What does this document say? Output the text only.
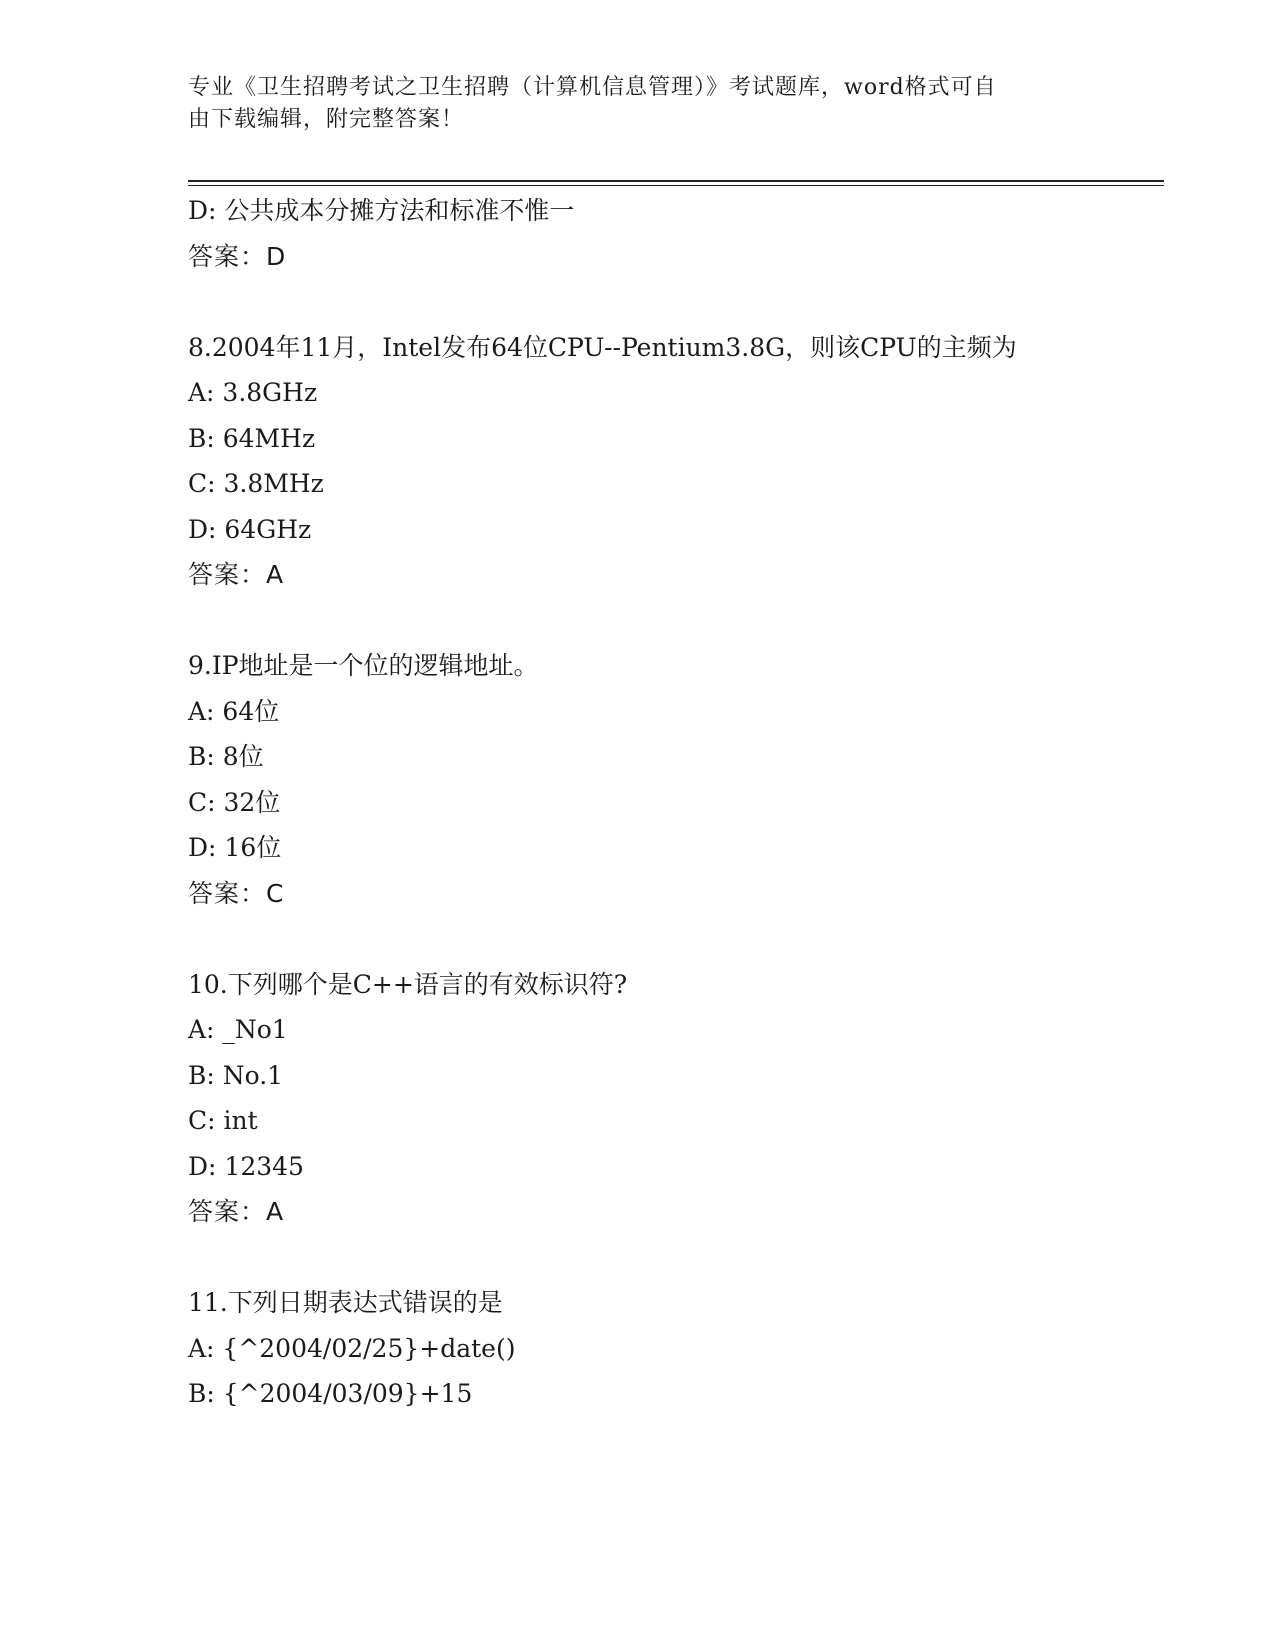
专业《卫生招聘考试之卫生招聘（计算机信息管理）》考试题库，word格式可自
由下载编辑，附完整答案！
D: 公共成本分摊方法和标准不惟一
答案：D
8.2004年11月，Intel发布64位CPU--Pentium3.8G，则该CPU的主频为
A: 3.8GHz
B: 64MHz
C: 3.8MHz
D: 64GHz
答案：A
9.IP地址是一个位的逻辑地址。
A: 64位
B: 8位
C: 32位
D: 16位
答案：C
10.下列哪个是C++语言的有效标识符?
A: _No1
B: No.1
C: int
D: 12345
答案：A
11.下列日期表达式错误的是
A: {^2004/02/25}+date()
B: {^2004/03/09}+15
